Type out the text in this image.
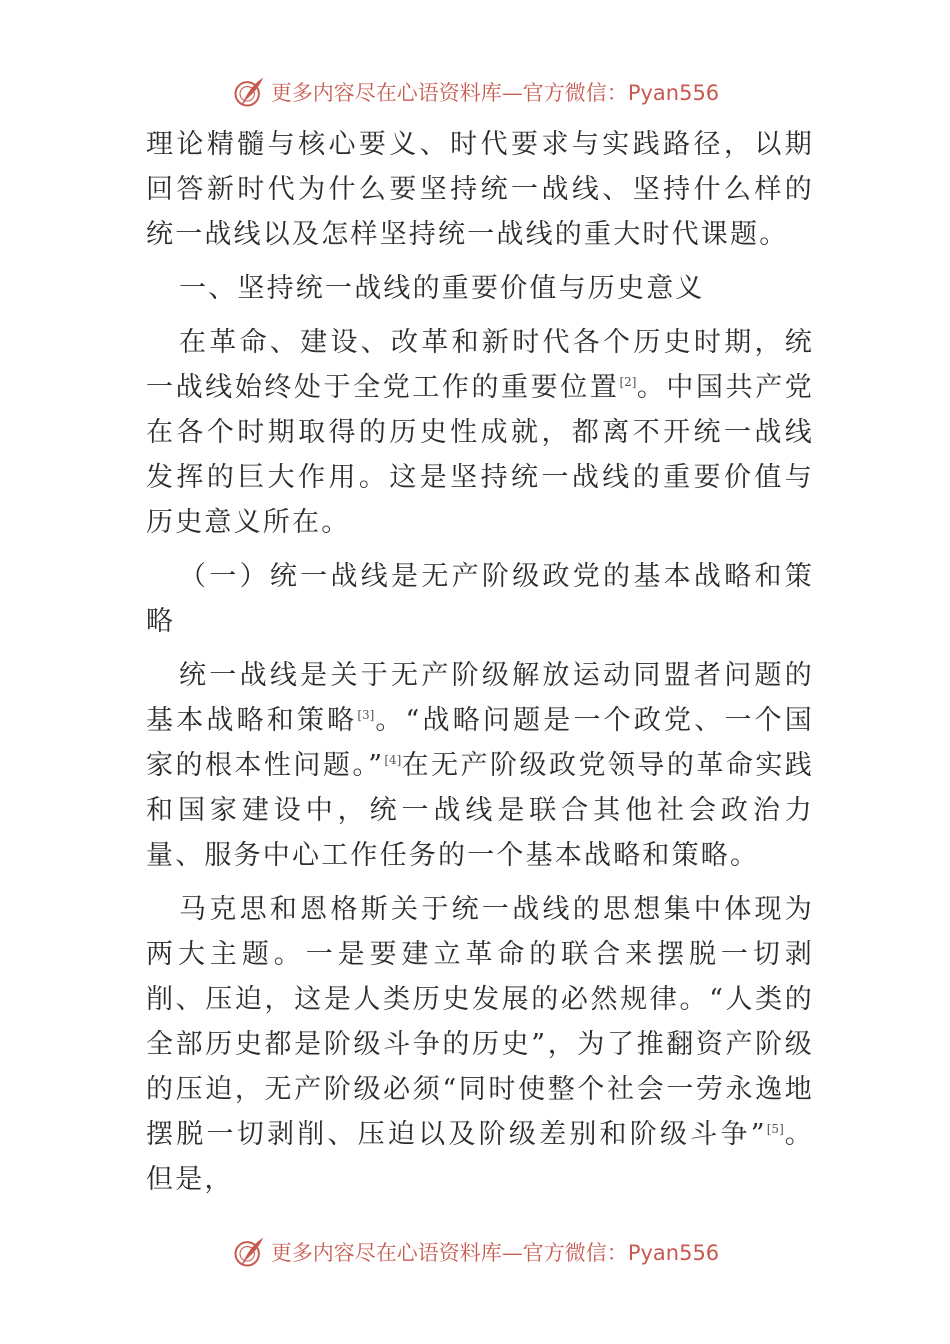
更多内容尽在心语资料库—官方微信：Pyan556

理论精髓与核心要义、时代要求与实践路径，以期回答新时代为什么要坚持统一战线、坚持什么样的统一战线以及怎样坚持统一战线的重大时代课题。

一、坚持统一战线的重要价值与历史意义

在革命、建设、改革和新时代各个历史时期，统一战线始终处于全党工作的重要位置[2]。中国共产党在各个时期取得的历史性成就，都离不开统一战线发挥的巨大作用。这是坚持统一战线的重要价值与历史意义所在。

（一）统一战线是无产阶级政党的基本战略和策略

统一战线是关于无产阶级解放运动同盟者问题的基本战略和策略[3]。“战略问题是一个政党、一个国家的根本性问题。”[4]在无产阶级政党领导的革命实践和国家建设中，统一战线是联合其他社会政治力量、服务中心工作任务的一个基本战略和策略。

马克思和恩格斯关于统一战线的思想集中体现为两大主题。一是要建立革命的联合来摆脱一切剥削、压迫，这是人类历史发展的必然规律。“人类的全部历史都是阶级斗争的历史”，为了推翻资产阶级的压迫，无产阶级必须“同时使整个社会一劳永逸地摆脱一切剥削、压迫以及阶级差别和阶级斗争”[5]。但是，

更多内容尽在心语资料库—官方微信：Pyan556
